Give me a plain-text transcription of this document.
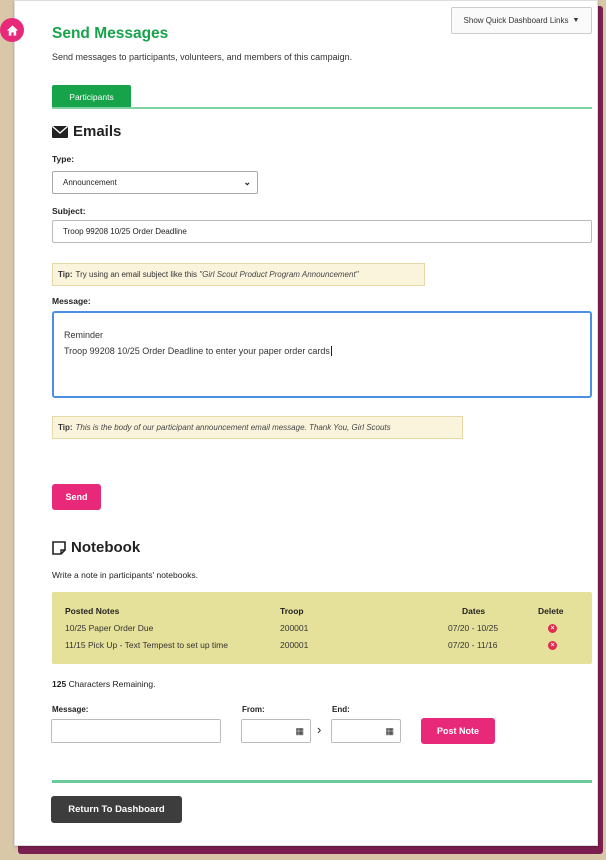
Show Quick Dashboard Links ▼
Send Messages
Send messages to participants, volunteers, and members of this campaign.
Participants
Emails
Type:
Announcement	⌄
Subject:
Troop 99208 10/25 Order Deadline
Tip: Try using an email subject like this
"Girl Scout Product Program Announcement"
Message:
Reminder
Troop 99208 10/25 Order Deadline to enter your paper order cards
Tip: This is the body of our participant announcement email message. Thank You, Girl Scouts
Send
Notebook
Write a note in participants' notebooks.
Posted Notes	Troop	Dates	Delete
10/25 Paper Order Due	200001	07/20 - 10/25	×
11/15 Pick Up - Text Tempest to set up time	200001	07/20 - 11/16	×
125 Characters Remaining.
Message:	From:
▦ ›
End:
▦	Post Note
Return To Dashboard
